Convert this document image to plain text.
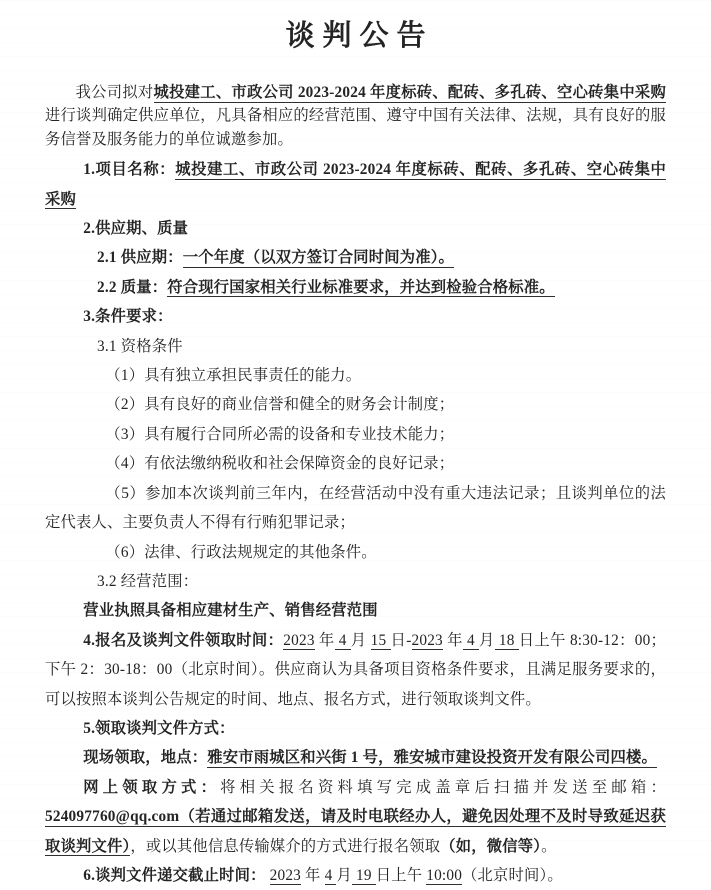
谈判公告

我公司拟对城投建工、市政公司 2023-2024 年度标砖、配砖、多孔砖、空心砖集中采购进行谈判确定供应单位，凡具备相应的经营范围、遵守中国有关法律、法规，具有良好的服务信誉及服务能力的单位诚邀参加。

1.项目名称：城投建工、市政公司 2023-2024 年度标砖、配砖、多孔砖、空心砖集中采购

2.供应期、质量

2.1 供应期：一个年度（以双方签订合同时间为准）。

2.2 质量：符合现行国家相关行业标准要求，并达到检验合格标准。

3.条件要求：

3.1 资格条件

（1）具有独立承担民事责任的能力。

（2）具有良好的商业信誉和健全的财务会计制度；

（3）具有履行合同所必需的设备和专业技术能力；

（4）有依法缴纳税收和社会保障资金的良好记录；

（5）参加本次谈判前三年内，在经营活动中没有重大违法记录；且谈判单位的法定代表人、主要负责人不得有行贿犯罪记录；

（6）法律、行政法规规定的其他条件。

3.2 经营范围：

营业执照具备相应建材生产、销售经营范围

4.报名及谈判文件领取时间：2023 年 4 月 15 日-2023 年 4 月 18 日上午 8:30-12：00；下午 2：30-18：00（北京时间）。供应商认为具备项目资格条件要求，且满足服务要求的，可以按照本谈判公告规定的时间、地点、报名方式，进行领取谈判文件。

5.领取谈判文件方式：

现场领取，地点：雅安市雨城区和兴街 1 号，雅安城市建设投资开发有限公司四楼。

网上领取方式：将相关报名资料填写完成盖章后扫描并发送至邮箱：524097760@qq.com（若通过邮箱发送，请及时电联经办人，避免因处理不及时导致延迟获取谈判文件），或以其他信息传输媒介的方式进行报名领取（如，微信等）。

6.谈判文件递交截止时间： 2023 年 4 月 19 日上午 10:00（北京时间）。
